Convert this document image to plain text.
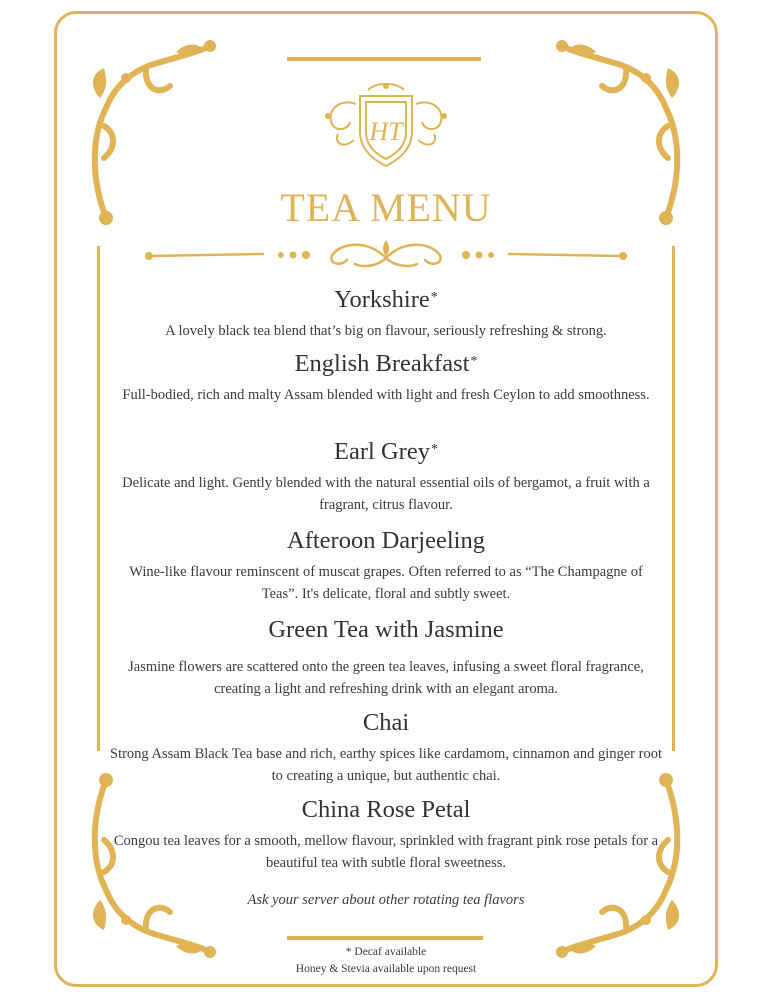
HT
TEA MENU

Yorkshire*

A lovely black tea blend that’s big on flavour, seriously refreshing & strong.

English Breakfast*

Full-bodied, rich and malty Assam blended with light and fresh Ceylon to add smoothness.

Earl Grey*

Delicate and light. Gently blended with the natural essential oils of bergamot, a fruit with a fragrant, citrus flavour.

Afteroon Darjeeling

Wine-like flavour reminscent of muscat grapes. Often referred to as “The Champagne of Teas”. It's delicate, floral and subtly sweet.

Green Tea with Jasmine

Jasmine flowers are scattered onto the green tea leaves, infusing a sweet floral fragrance, creating a light and refreshing drink with an elegant aroma.

Chai

Strong Assam Black Tea base and rich, earthy spices like cardamom, cinnamon and ginger root to creating a unique, but authentic chai.

China Rose Petal

Congou tea leaves for a smooth, mellow flavour, sprinkled with fragrant pink rose petals for a beautiful tea with subtle floral sweetness.

Ask your server about other rotating tea flavors
* Decaf available
Honey & Stevia available upon request
